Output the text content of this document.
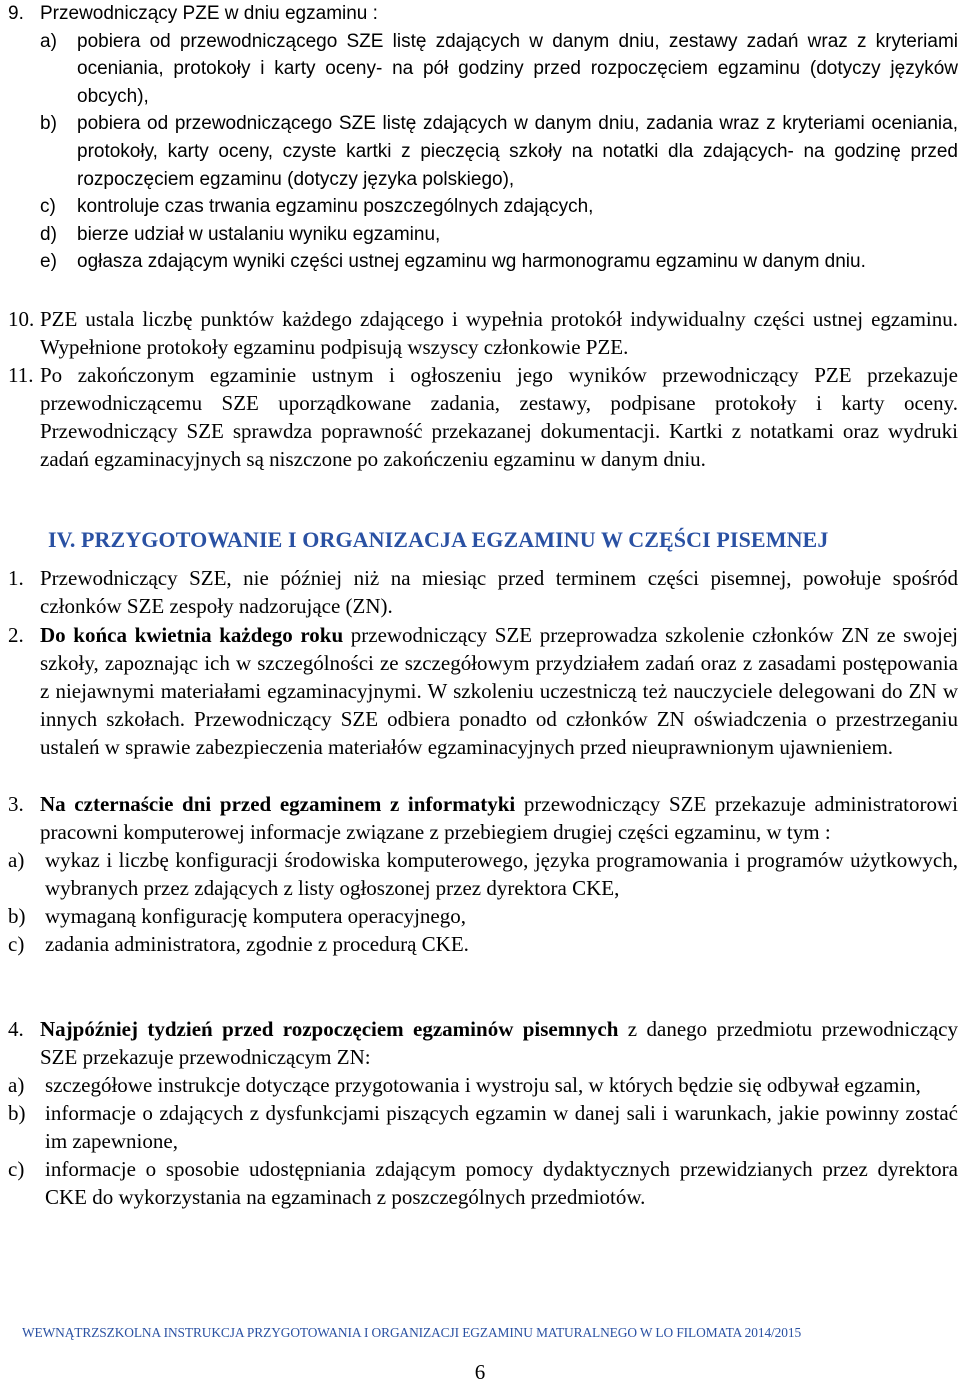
9. Przewodniczący PZE w dniu egzaminu :
a)	pobiera od przewodniczącego SZE listę zdających w danym dniu, zestawy zadań wraz z kryteriami oceniania, protokoły i karty oceny- na pół godziny przed rozpoczęciem egzaminu (dotyczy języków obcych),
b)	pobiera od przewodniczącego SZE listę zdających w danym dniu, zadania wraz z kryteriami oceniania, protokoły, karty oceny, czyste kartki z pieczęcią szkoły na notatki dla zdających- na godzinę przed rozpoczęciem egzaminu (dotyczy języka polskiego),
c)	kontroluje czas trwania egzaminu poszczególnych zdających,
d)	bierze udział w ustalaniu wyniku egzaminu,
e)	ogłasza zdającym wyniki części ustnej egzaminu wg harmonogramu egzaminu w danym dniu.
10. PZE ustala liczbę punktów każdego zdającego i wypełnia protokół indywidualny części ustnej egzaminu. Wypełnione protokoły egzaminu podpisują wszyscy członkowie PZE.
11. Po zakończonym egzaminie ustnym i ogłoszeniu jego wyników przewodniczący PZE przekazuje przewodniczącemu SZE uporządkowane zadania, zestawy, podpisane protokoły i karty oceny. Przewodniczący SZE sprawdza poprawność przekazanej dokumentacji. Kartki z notatkami oraz wydruki zadań egzaminacyjnych są niszczone po zakończeniu egzaminu w danym dniu.
IV. PRZYGOTOWANIE I ORGANIZACJA EGZAMINU W CZĘŚCI PISEMNEJ
1. Przewodniczący SZE, nie później niż na miesiąc przed terminem części pisemnej, powołuje spośród członków SZE zespoły nadzorujące (ZN).
2. Do końca kwietnia każdego roku przewodniczący SZE przeprowadza szkolenie członków ZN ze swojej szkoły, zapoznając ich w szczególności ze szczegółowym przydziałem zadań oraz z zasadami postępowania z niejawnymi materiałami egzaminacyjnymi. W szkoleniu uczestniczą też nauczyciele delegowani do ZN w innych szkołach. Przewodniczący SZE odbiera ponadto od członków ZN oświadczenia o przestrzeganiu ustaleń w sprawie zabezpieczenia materiałów egzaminacyjnych przed nieuprawnionym ujawnieniem.
3. Na czternaście dni przed egzaminem z informatyki przewodniczący SZE przekazuje administratorowi pracowni komputerowej informacje związane z przebiegiem drugiej części egzaminu, w tym :
a) wykaz i liczbę konfiguracji środowiska komputerowego, języka programowania i programów użytkowych, wybranych przez zdających z listy ogłoszonej przez dyrektora CKE,
b) wymaganą konfigurację komputera operacyjnego,
c) zadania administratora, zgodnie z procedurą CKE.
4. Najpóźniej tydzień przed rozpoczęciem egzaminów pisemnych z danego przedmiotu przewodniczący SZE przekazuje przewodniczącym ZN:
a) szczegółowe instrukcje dotyczące przygotowania i wystroju sal, w których będzie się odbywał egzamin,
b) informacje o zdających z dysfunkcjami piszących egzamin w danej sali i warunkach, jakie powinny zostać im zapewnione,
c) informacje o sposobie udostępniania zdającym pomocy dydaktycznych przewidzianych przez dyrektora CKE do wykorzystania na egzaminach z poszczególnych przedmiotów.
WEWNĄTRZSZKOLNA INSTRUKCJA PRZYGOTOWANIA I ORGANIZACJI EGZAMINU MATURALNEGO W LO FILOMATA 2014/2015
6
